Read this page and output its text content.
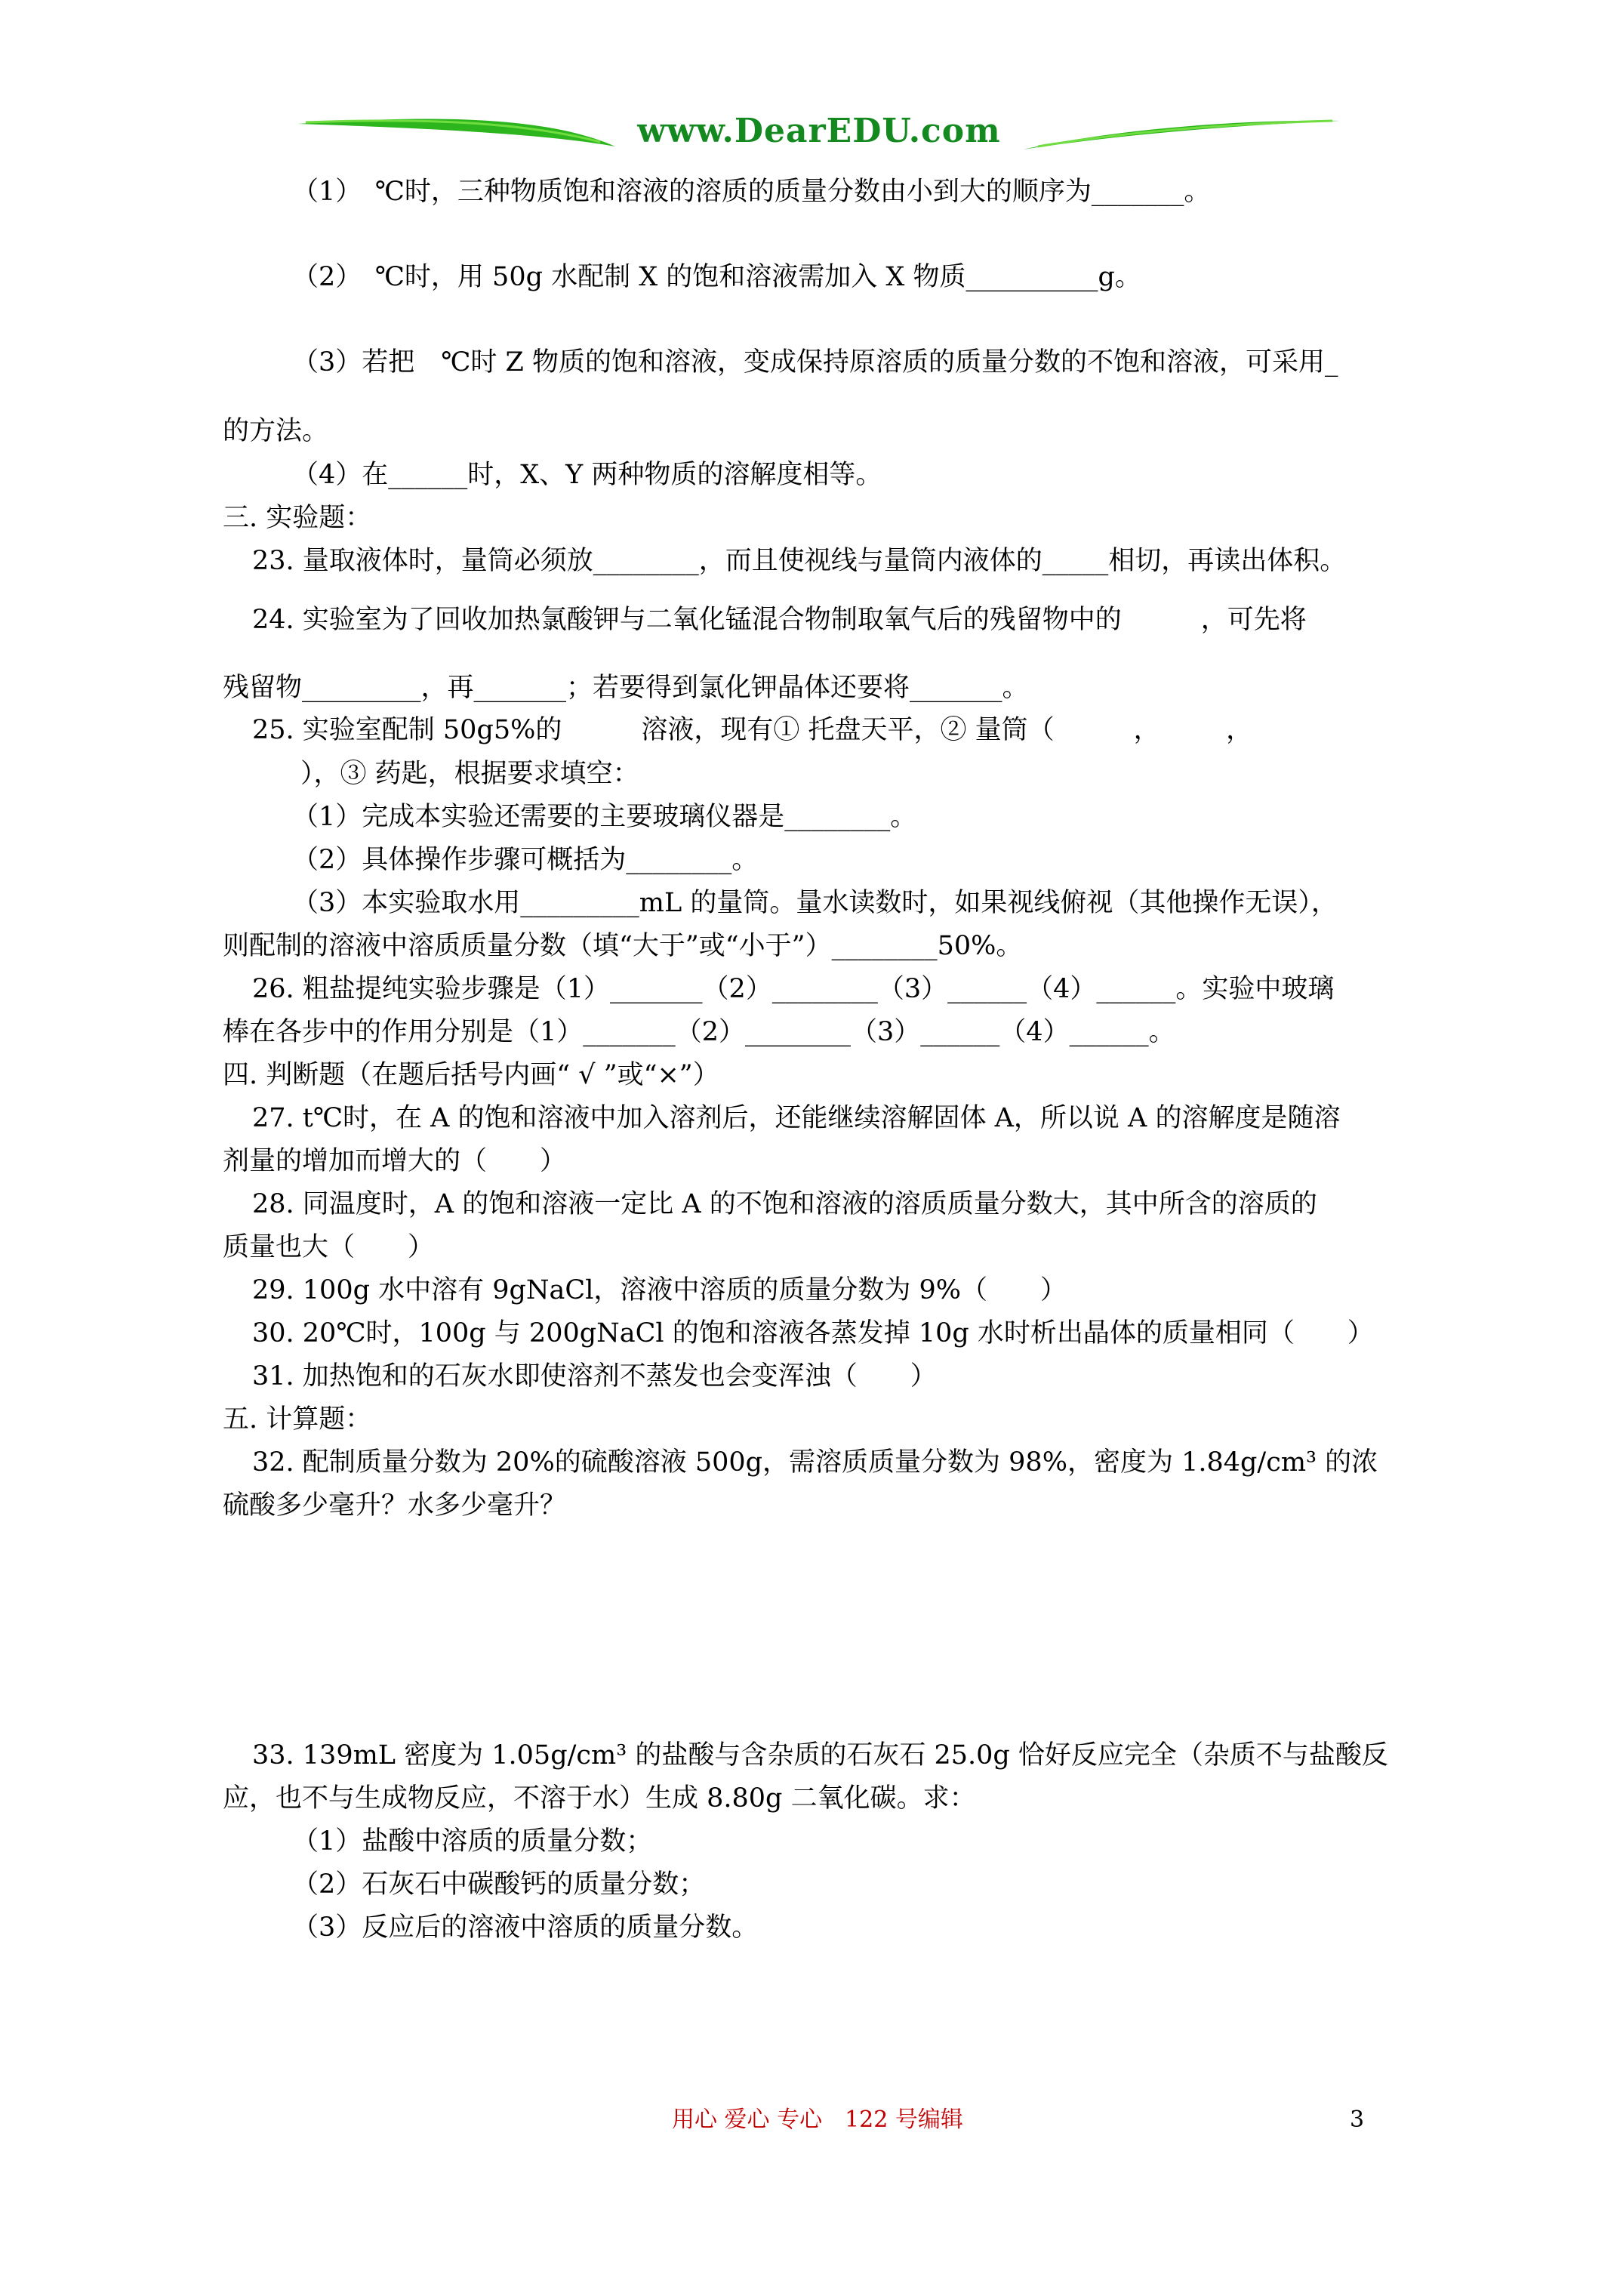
www.DearEDU.com
（1）　℃时，三种物质饱和溶液的溶质的质量分数由小到大的顺序为_______。
（2）　℃时，用 50g 水配制 X 的饱和溶液需加入 X 物质__________g。
（3）若把　℃时 Z 物质的饱和溶液，变成保持原溶质的质量分数的不饱和溶液，可采用_
的方法。
（4）在______时，X、Y 两种物质的溶解度相等。
三. 实验题：
23. 量取液体时，量筒必须放________，而且使视线与量筒内液体的_____相切，再读出体积。
24. 实验室为了回收加热氯酸钾与二氧化锰混合物制取氧气后的残留物中的　　　，可先将
残留物_________，再_______；若要得到氯化钾晶体还要将_______。
25. 实验室配制 50g5%的　　　溶液，现有① 托盘天平，② 量筒（　　　，　　　，
），③ 药匙，根据要求填空：
（1）完成本实验还需要的主要玻璃仪器是________。
（2）具体操作步骤可概括为________。
（3）本实验取水用_________mL 的量筒。量水读数时，如果视线俯视（其他操作无误），
则配制的溶液中溶质质量分数（填“大于”或“小于”）________50%。
26. 粗盐提纯实验步骤是（1）_______（2）________（3）______（4）______。实验中玻璃
棒在各步中的作用分别是（1）_______（2）________（3）______（4）______。
四. 判断题（在题后括号内画“ √ ”或“×”）
27. t℃时，在 A 的饱和溶液中加入溶剂后，还能继续溶解固体 A，所以说 A 的溶解度是随溶
剂量的增加而增大的（　　）
28. 同温度时，A 的饱和溶液一定比 A 的不饱和溶液的溶质质量分数大，其中所含的溶质的
质量也大（　　）
29. 100g 水中溶有 9gNaCl，溶液中溶质的质量分数为 9%（　　）
30. 20℃时，100g 与 200gNaCl 的饱和溶液各蒸发掉 10g 水时析出晶体的质量相同（　　）
31. 加热饱和的石灰水即使溶剂不蒸发也会变浑浊（　　）
五. 计算题：
32. 配制质量分数为 20%的硫酸溶液 500g，需溶质质量分数为 98%，密度为 1.84g/cm³ 的浓
硫酸多少毫升？水多少毫升？
33. 139mL 密度为 1.05g/cm³ 的盐酸与含杂质的石灰石 25.0g 恰好反应完全（杂质不与盐酸反
应，也不与生成物反应，不溶于水）生成 8.80g 二氧化碳。求：
（1）盐酸中溶质的质量分数；
（2）石灰石中碳酸钙的质量分数；
（3）反应后的溶液中溶质的质量分数。
用心 爱心 专心　122 号编辑	3
